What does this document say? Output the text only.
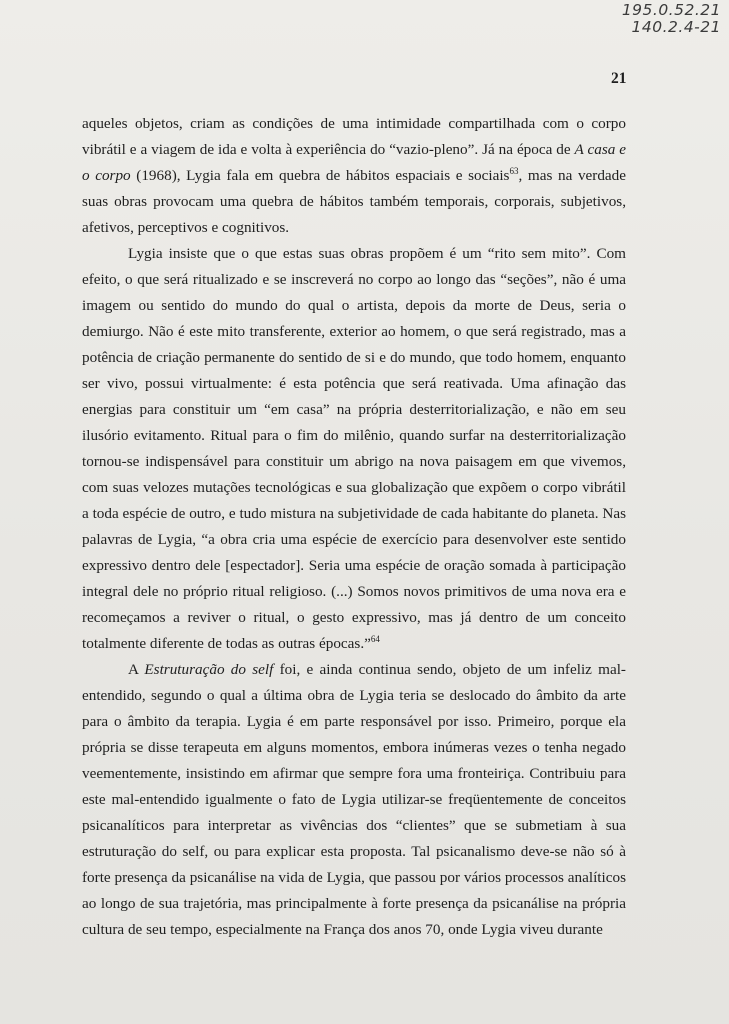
195.0.52.21
140.2.4-21
21

aqueles objetos, criam as condições de uma intimidade compartilhada com o corpo vibrátil e a viagem de ida e volta à experiência do “vazio-pleno”. Já na época de A casa e o corpo (1968), Lygia fala em quebra de hábitos espaciais e sociais$^{63}$, mas na verdade suas obras provocam uma quebra de hábitos também temporais, corporais, subjetivos, afetivos, perceptivos e cognitivos.

Lygia insiste que o que estas suas obras propõem é um “rito sem mito”. Com efeito, o que será ritualizado e se inscreverá no corpo ao longo das “seções”, não é uma imagem ou sentido do mundo do qual o artista, depois da morte de Deus, seria o demiurgo. Não é este mito transferente, exterior ao homem, o que será registrado, mas a potência de criação permanente do sentido de si e do mundo, que todo homem, enquanto ser vivo, possui virtualmente: é esta potência que será reativada. Uma afinação das energias para constituir um “em casa” na própria desterritorialização, e não em seu ilusório evitamento. Ritual para o fim do milênio, quando surfar na desterritorialização tornou-se indispensável para constituir um abrigo na nova paisagem em que vivemos, com suas velozes mutações tecnológicas e sua globalização que expõem o corpo vibrátil a toda espécie de outro, e tudo mistura na subjetividade de cada habitante do planeta. Nas palavras de Lygia, “a obra cria uma espécie de exercício para desenvolver este sentido expressivo dentro dele [espectador]. Seria uma espécie de oração somada à participação integral dele no próprio ritual religioso. (...) Somos novos primitivos de uma nova era e recomeçamos a reviver o ritual, o gesto expressivo, mas já dentro de um conceito totalmente diferente de todas as outras épocas.”$^{64}$

A Estruturação do self foi, e ainda continua sendo, objeto de um infeliz mal-entendido, segundo o qual a última obra de Lygia teria se deslocado do âmbito da arte para o âmbito da terapia. Lygia é em parte responsável por isso. Primeiro, porque ela própria se disse terapeuta em alguns momentos, embora inúmeras vezes o tenha negado veementemente, insistindo em afirmar que sempre fora uma fronteiriça. Contribuiu para este mal-entendido igualmente o fato de Lygia utilizar-se freqüentemente de conceitos psicanalíticos para interpretar as vivências dos “clientes” que se submetiam à sua estruturação do self, ou para explicar esta proposta. Tal psicanalismo deve-se não só à forte presença da psicanálise na vida de Lygia, que passou por vários processos analíticos ao longo de sua trajetória, mas principalmente à forte presença da psicanálise na própria cultura de seu tempo, especialmente na França dos anos 70, onde Lygia viveu durante
